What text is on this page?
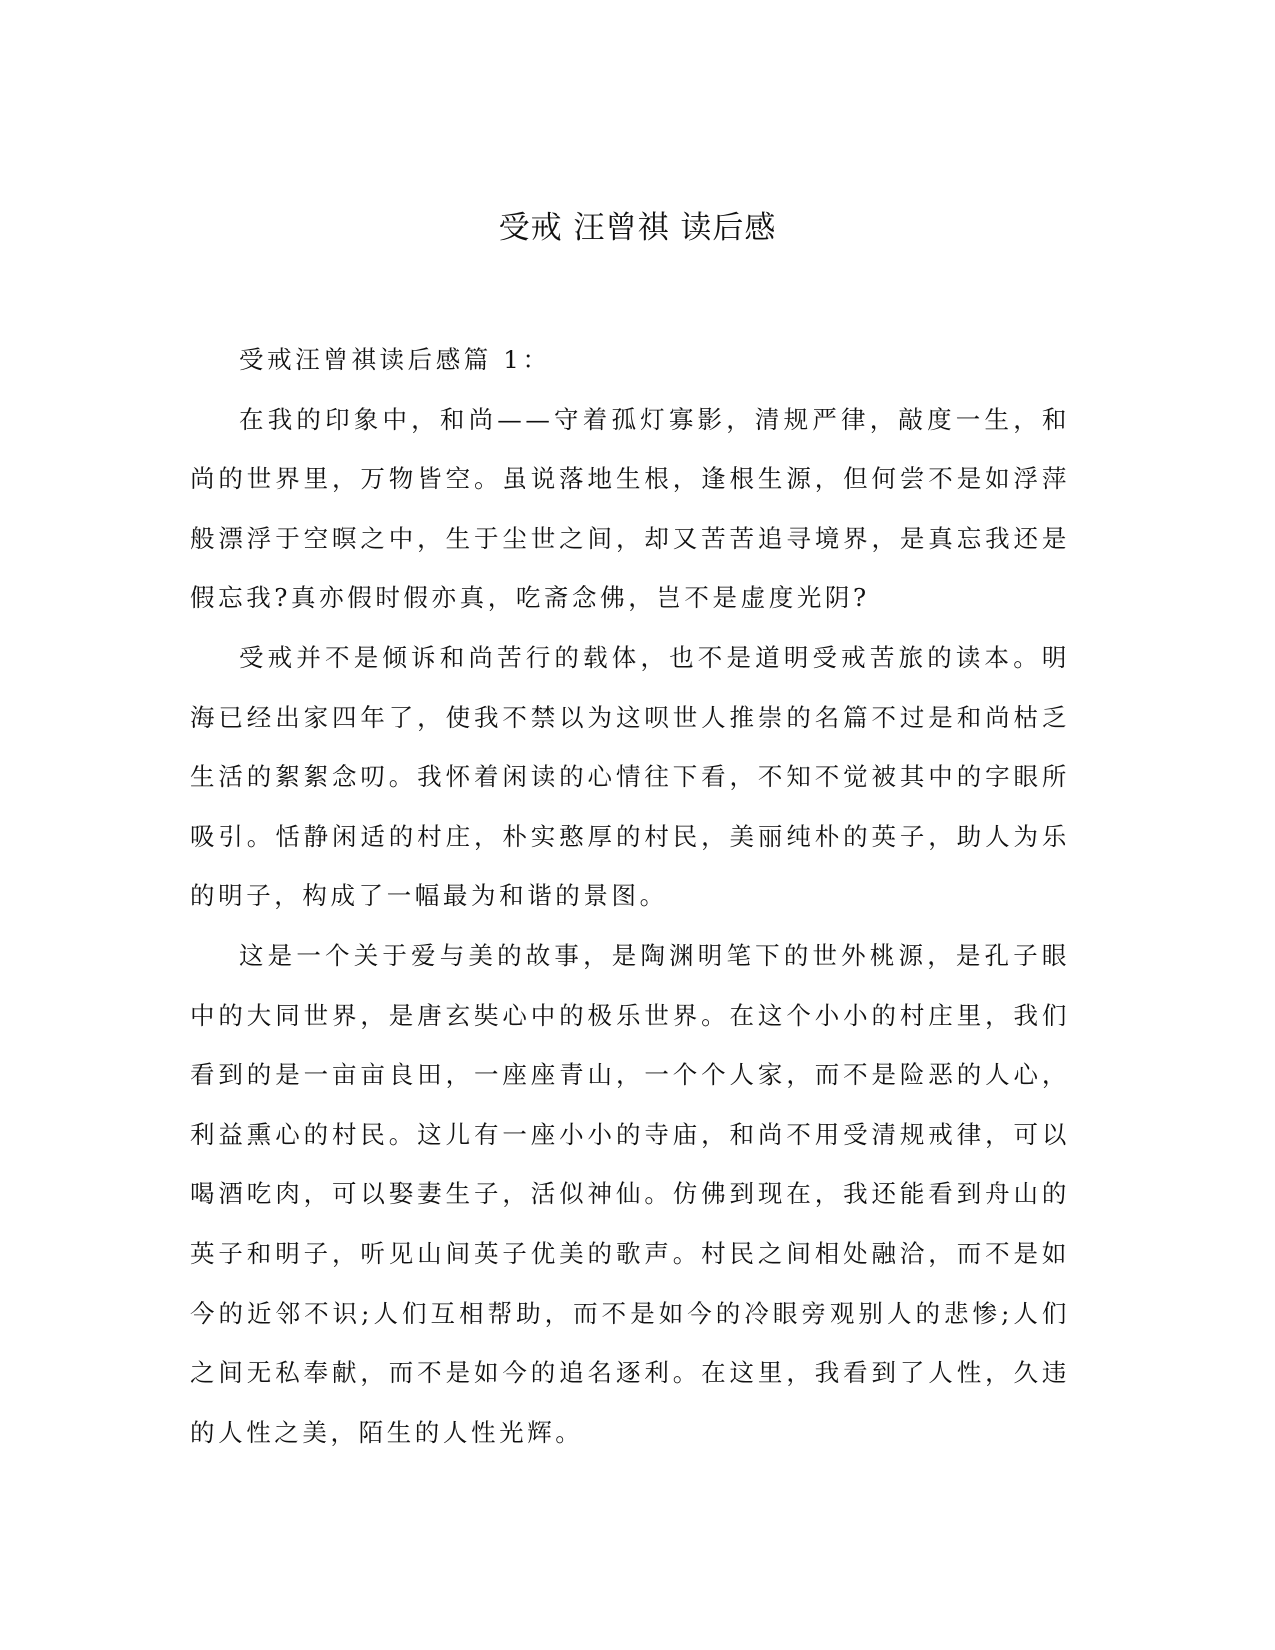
受戒 汪曾祺 读后感

受戒汪曾祺读后感篇 1：

在我的印象中，和尚——守着孤灯寡影，清规严律，敲度一生，和尚的世界里，万物皆空。虽说落地生根，逢根生源，但何尝不是如浮萍般漂浮于空暝之中，生于尘世之间，却又苦苦追寻境界，是真忘我还是假忘我?真亦假时假亦真，吃斋念佛，岂不是虚度光阴?

受戒并不是倾诉和尚苦行的载体，也不是道明受戒苦旅的读本。明海已经出家四年了，使我不禁以为这呗世人推崇的名篇不过是和尚枯乏生活的絮絮念叨。我怀着闲读的心情往下看，不知不觉被其中的字眼所吸引。恬静闲适的村庄，朴实憨厚的村民，美丽纯朴的英子，助人为乐的明子，构成了一幅最为和谐的景图。

这是一个关于爱与美的故事，是陶渊明笔下的世外桃源，是孔子眼中的大同世界，是唐玄奘心中的极乐世界。在这个小小的村庄里，我们看到的是一亩亩良田，一座座青山，一个个人家，而不是险恶的人心，利益熏心的村民。这儿有一座小小的寺庙，和尚不用受清规戒律，可以喝酒吃肉，可以娶妻生子，活似神仙。仿佛到现在，我还能看到舟山的英子和明子，听见山间英子优美的歌声。村民之间相处融洽，而不是如今的近邻不识;人们互相帮助，而不是如今的冷眼旁观别人的悲惨;人们之间无私奉献，而不是如今的追名逐利。在这里，我看到了人性，久违的人性之美，陌生的人性光辉。
